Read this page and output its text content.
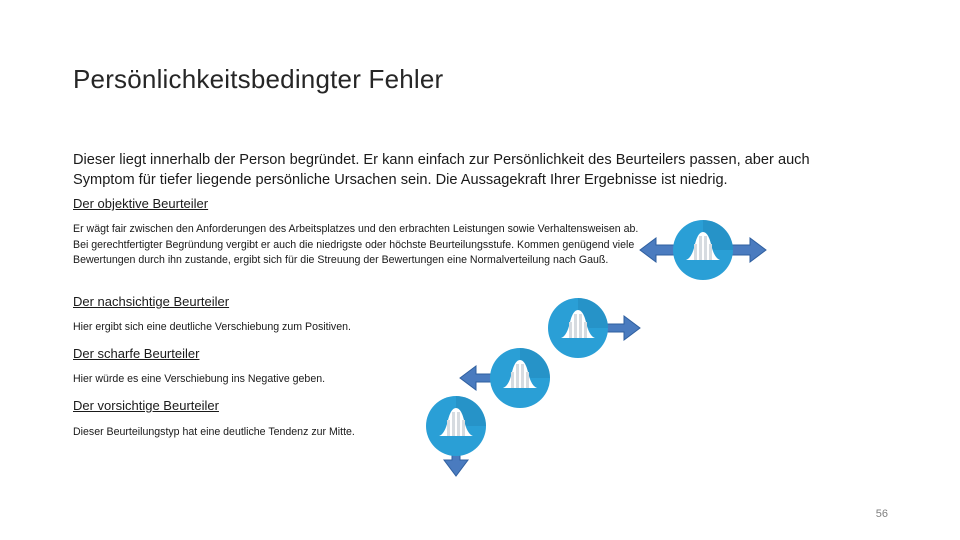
Persönlichkeitsbedingter Fehler
Dieser liegt innerhalb der Person begründet. Er kann einfach zur Persönlichkeit des Beurteilers passen, aber auch Symptom für tiefer liegende persönliche Ursachen sein. Die Aussagekraft Ihrer Ergebnisse ist niedrig.
Der objektive Beurteiler
Er wägt fair zwischen den Anforderungen des Arbeitsplatzes und den erbrachten Leistungen sowie Verhaltensweisen ab. Bei gerechtfertigter Begründung vergibt er auch die niedrigste oder höchste Beurteilungsstufe. Kommen genügend viele Bewertungen durch ihn zustande, ergibt sich für die Streuung der Bewertungen eine Normalverteilung nach Gauß.
Der nachsichtige Beurteiler
Hier ergibt sich eine deutliche Verschiebung zum Positiven.
Der scharfe Beurteiler
Hier würde es eine Verschiebung ins Negative geben.
Der vorsichtige Beurteiler
Dieser Beurteilungstyp hat eine deutliche Tendenz zur Mitte.
56
